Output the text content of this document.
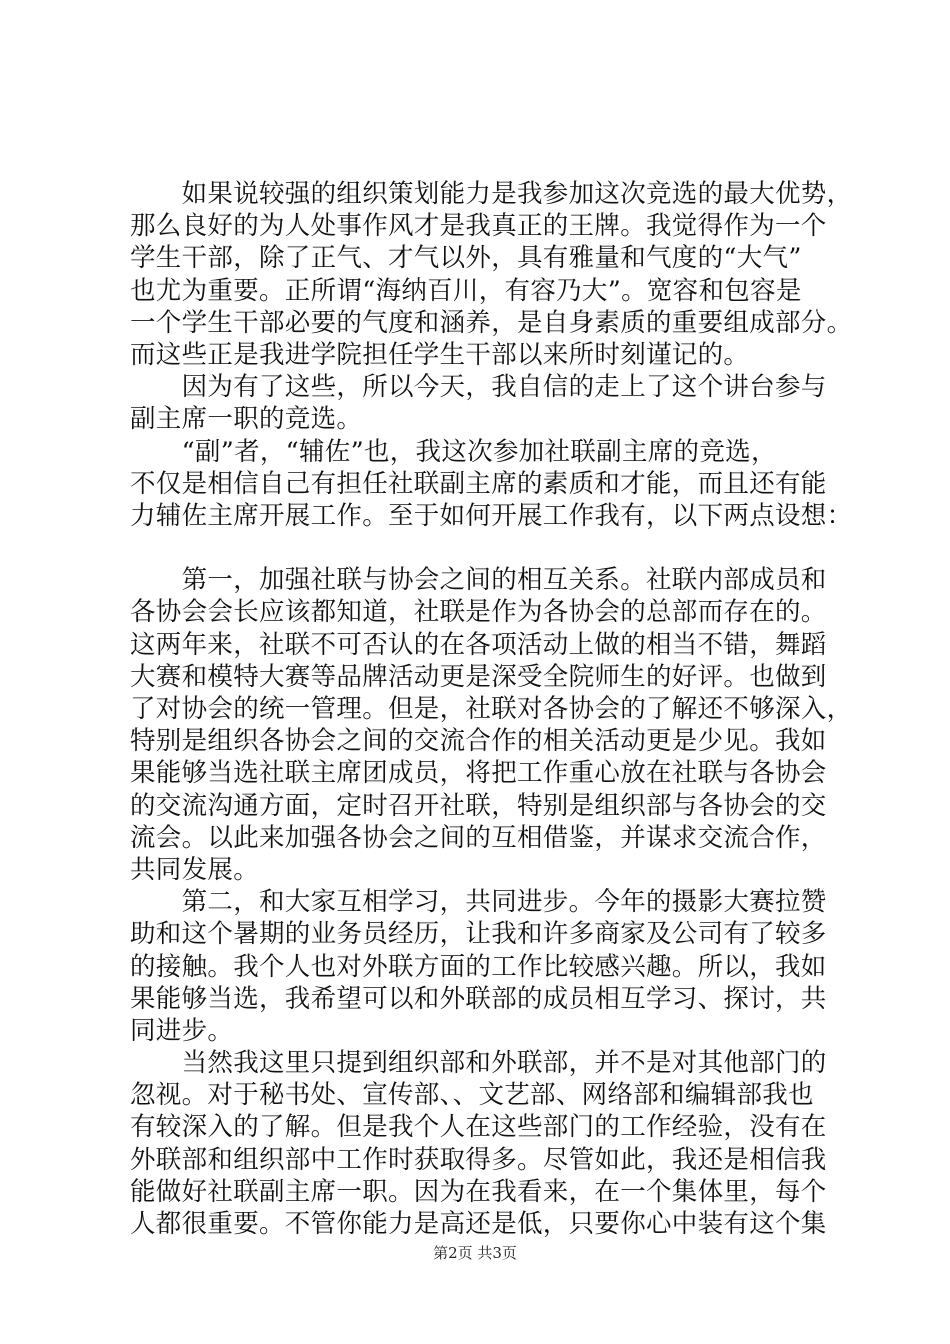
　　如果说较强的组织策划能力是我参加这次竞选的最大优势，
那么良好的为人处事作风才是我真正的王牌。我觉得作为一个
学生干部，除了正气、才气以外，具有雅量和气度的“大气”
也尤为重要。正所谓“海纳百川，有容乃大”。宽容和包容是
一个学生干部必要的气度和涵养，是自身素质的重要组成部分。
而这些正是我进学院担任学生干部以来所时刻谨记的。
　　因为有了这些，所以今天，我自信的走上了这个讲台参与
副主席一职的竞选。
　　“副”者，“辅佐”也，我这次参加社联副主席的竞选，
不仅是相信自己有担任社联副主席的素质和才能，而且还有能
力辅佐主席开展工作。至于如何开展工作我有，以下两点设想：
　　第一，加强社联与协会之间的相互关系。社联内部成员和
各协会会长应该都知道，社联是作为各协会的总部而存在的。
这两年来，社联不可否认的在各项活动上做的相当不错，舞蹈
大赛和模特大赛等品牌活动更是深受全院师生的好评。也做到
了对协会的统一管理。但是，社联对各协会的了解还不够深入，
特别是组织各协会之间的交流合作的相关活动更是少见。我如
果能够当选社联主席团成员，将把工作重心放在社联与各协会
的交流沟通方面，定时召开社联，特别是组织部与各协会的交
流会。以此来加强各协会之间的互相借鉴，并谋求交流合作，
共同发展。
　　第二，和大家互相学习，共同进步。今年的摄影大赛拉赞
助和这个暑期的业务员经历，让我和许多商家及公司有了较多
的接触。我个人也对外联方面的工作比较感兴趣。所以，我如
果能够当选，我希望可以和外联部的成员相互学习、探讨，共
同进步。
　　当然我这里只提到组织部和外联部，并不是对其他部门的
忽视。对于秘书处、宣传部、、文艺部、网络部和编辑部我也
有较深入的了解。但是我个人在这些部门的工作经验，没有在
外联部和组织部中工作时获取得多。尽管如此，我还是相信我
能做好社联副主席一职。因为在我看来，在一个集体里，每个
人都很重要。不管你能力是高还是低，只要你心中装有这个集
第2页 共3页
